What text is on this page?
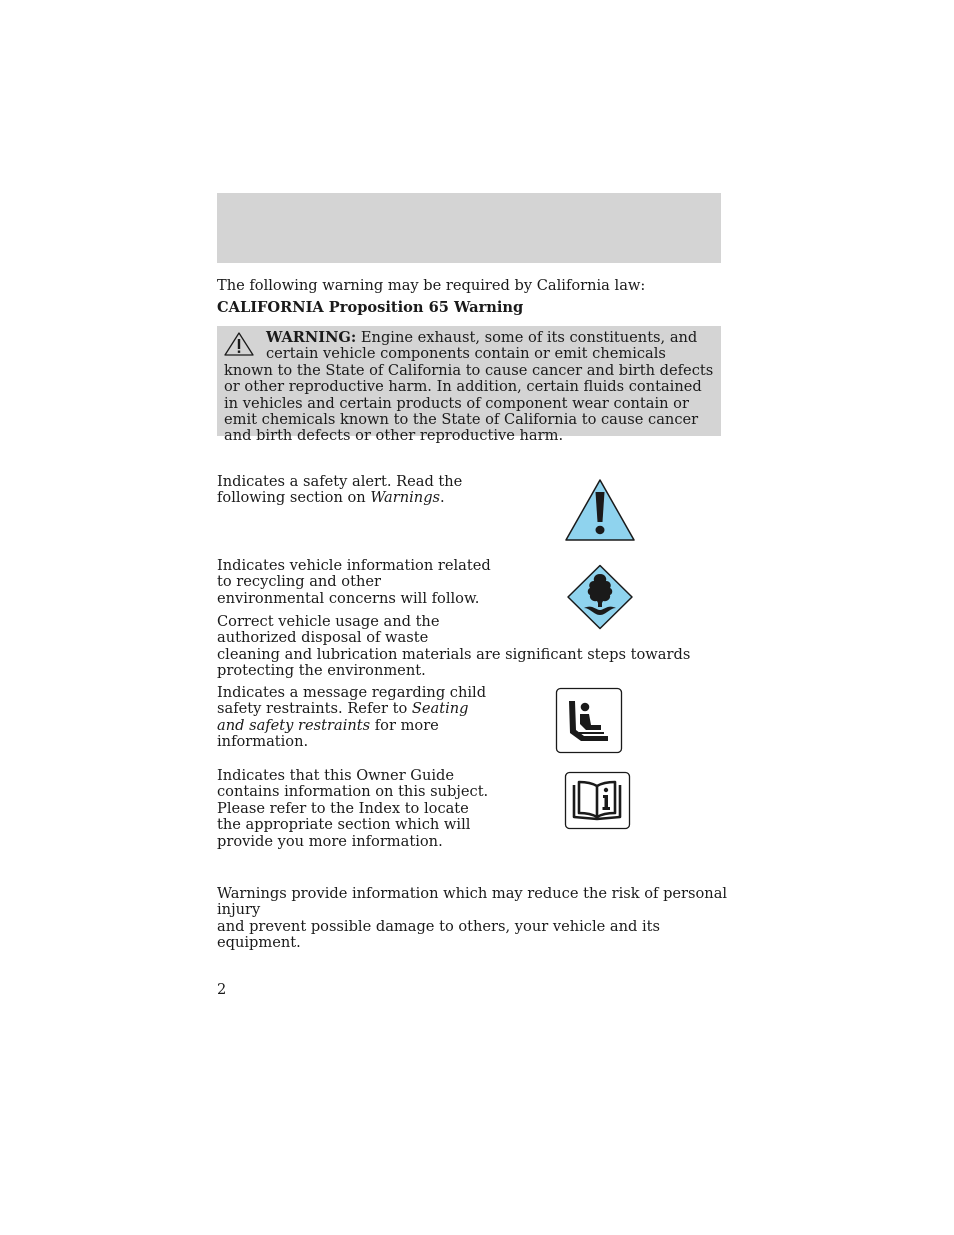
The following warning may be required by California law:

CALIFORNIA Proposition 65 Warning

WARNING: Engine exhaust, some of its constituents, and certain vehicle components contain or emit chemicals known to the State of California to cause cancer and birth defects or other reproductive harm. In addition, certain fluids contained in vehicles and certain products of component wear contain or emit chemicals known to the State of California to cause cancer and birth defects or other reproductive harm.

Indicates a safety alert. Read the
following section on Warnings.

Indicates vehicle information related
to recycling and other
environmental concerns will follow.

Correct vehicle usage and the
authorized disposal of waste
cleaning and lubrication materials are significant steps towards
protecting the environment.

Indicates a message regarding child
safety restraints. Refer to Seating
and safety restraints for more
information.

Indicates that this Owner Guide
contains information on this subject.
Please refer to the Index to locate
the appropriate section which will
provide you more information.

Warnings provide information which may reduce the risk of personal injury
and prevent possible damage to others, your vehicle and its equipment.

2
